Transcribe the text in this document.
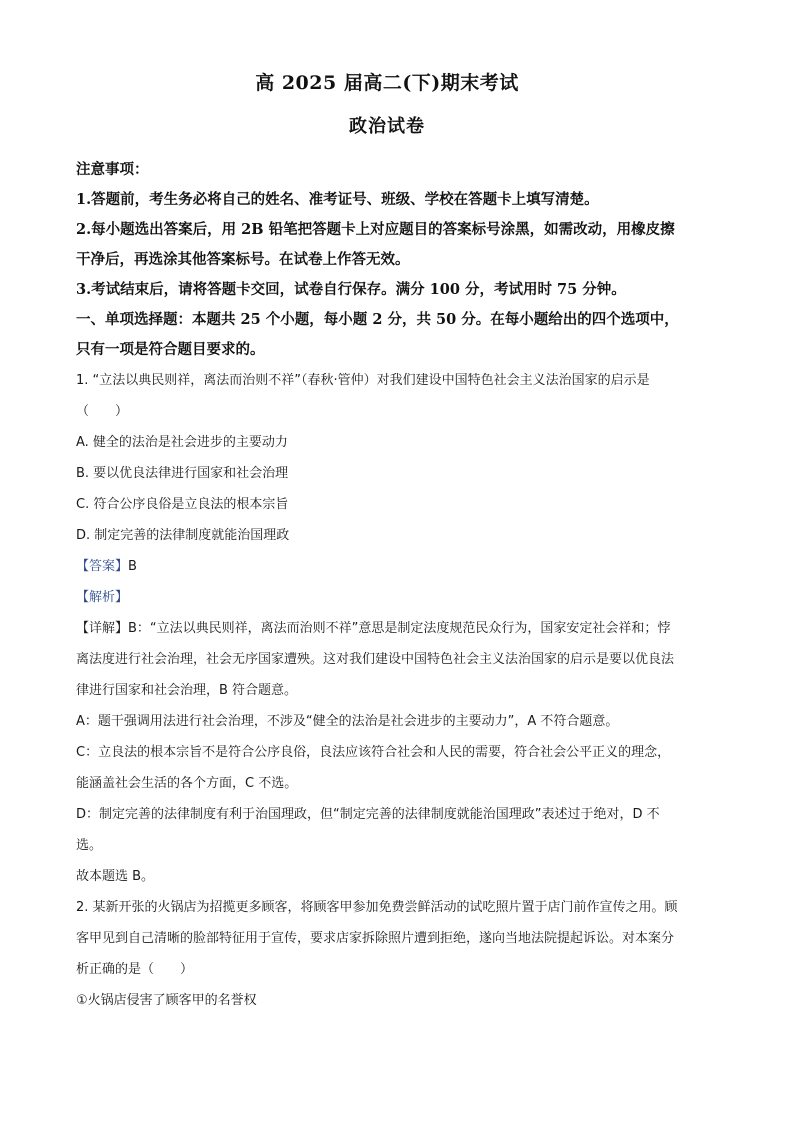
高 2025 届高二(下)期末考试
政治试卷

注意事项：

1.答题前，考生务必将自己的姓名、准考证号、班级、学校在答题卡上填写清楚。

2.每小题选出答案后，用 2B 铅笔把答题卡上对应题目的答案标号涂黑，如需改动，用橡皮擦

干净后，再选涂其他答案标号。在试卷上作答无效。

3.考试结束后，请将答题卡交回，试卷自行保存。满分 100 分，考试用时 75 分钟。

一、单项选择题：本题共 25 个小题，每小题 2 分，共 50 分。在每小题给出的四个选项中，

只有一项是符合题目要求的。

1. “立法以典民则祥，离法而治则不祥”（春秋·管仲）对我们建设中国特色社会主义法治国家的启示是

（　　）

A. 健全的法治是社会进步的主要动力

B. 要以优良法律进行国家和社会治理

C. 符合公序良俗是立良法的根本宗旨

D. 制定完善的法律制度就能治国理政

【答案】B

【解析】

【详解】B：“立法以典民则祥，离法而治则不祥”意思是制定法度规范民众行为，国家安定社会祥和；悖

离法度进行社会治理，社会无序国家遭殃。这对我们建设中国特色社会主义法治国家的启示是要以优良法

律进行国家和社会治理，B 符合题意。

A：题干强调用法进行社会治理，不涉及“健全的法治是社会进步的主要动力”，A 不符合题意。

C：立良法的根本宗旨不是符合公序良俗，良法应该符合社会和人民的需要，符合社会公平正义的理念，

能涵盖社会生活的各个方面，C 不选。

D：制定完善的法律制度有利于治国理政，但“制定完善的法律制度就能治国理政”表述过于绝对，D 不

选。

故本题选 B。

2. 某新开张的火锅店为招揽更多顾客，将顾客甲参加免费尝鲜活动的试吃照片置于店门前作宣传之用。顾

客甲见到自己清晰的脸部特征用于宣传，要求店家拆除照片遭到拒绝，遂向当地法院提起诉讼。对本案分

析正确的是（　　）

①火锅店侵害了顾客甲的名誉权
